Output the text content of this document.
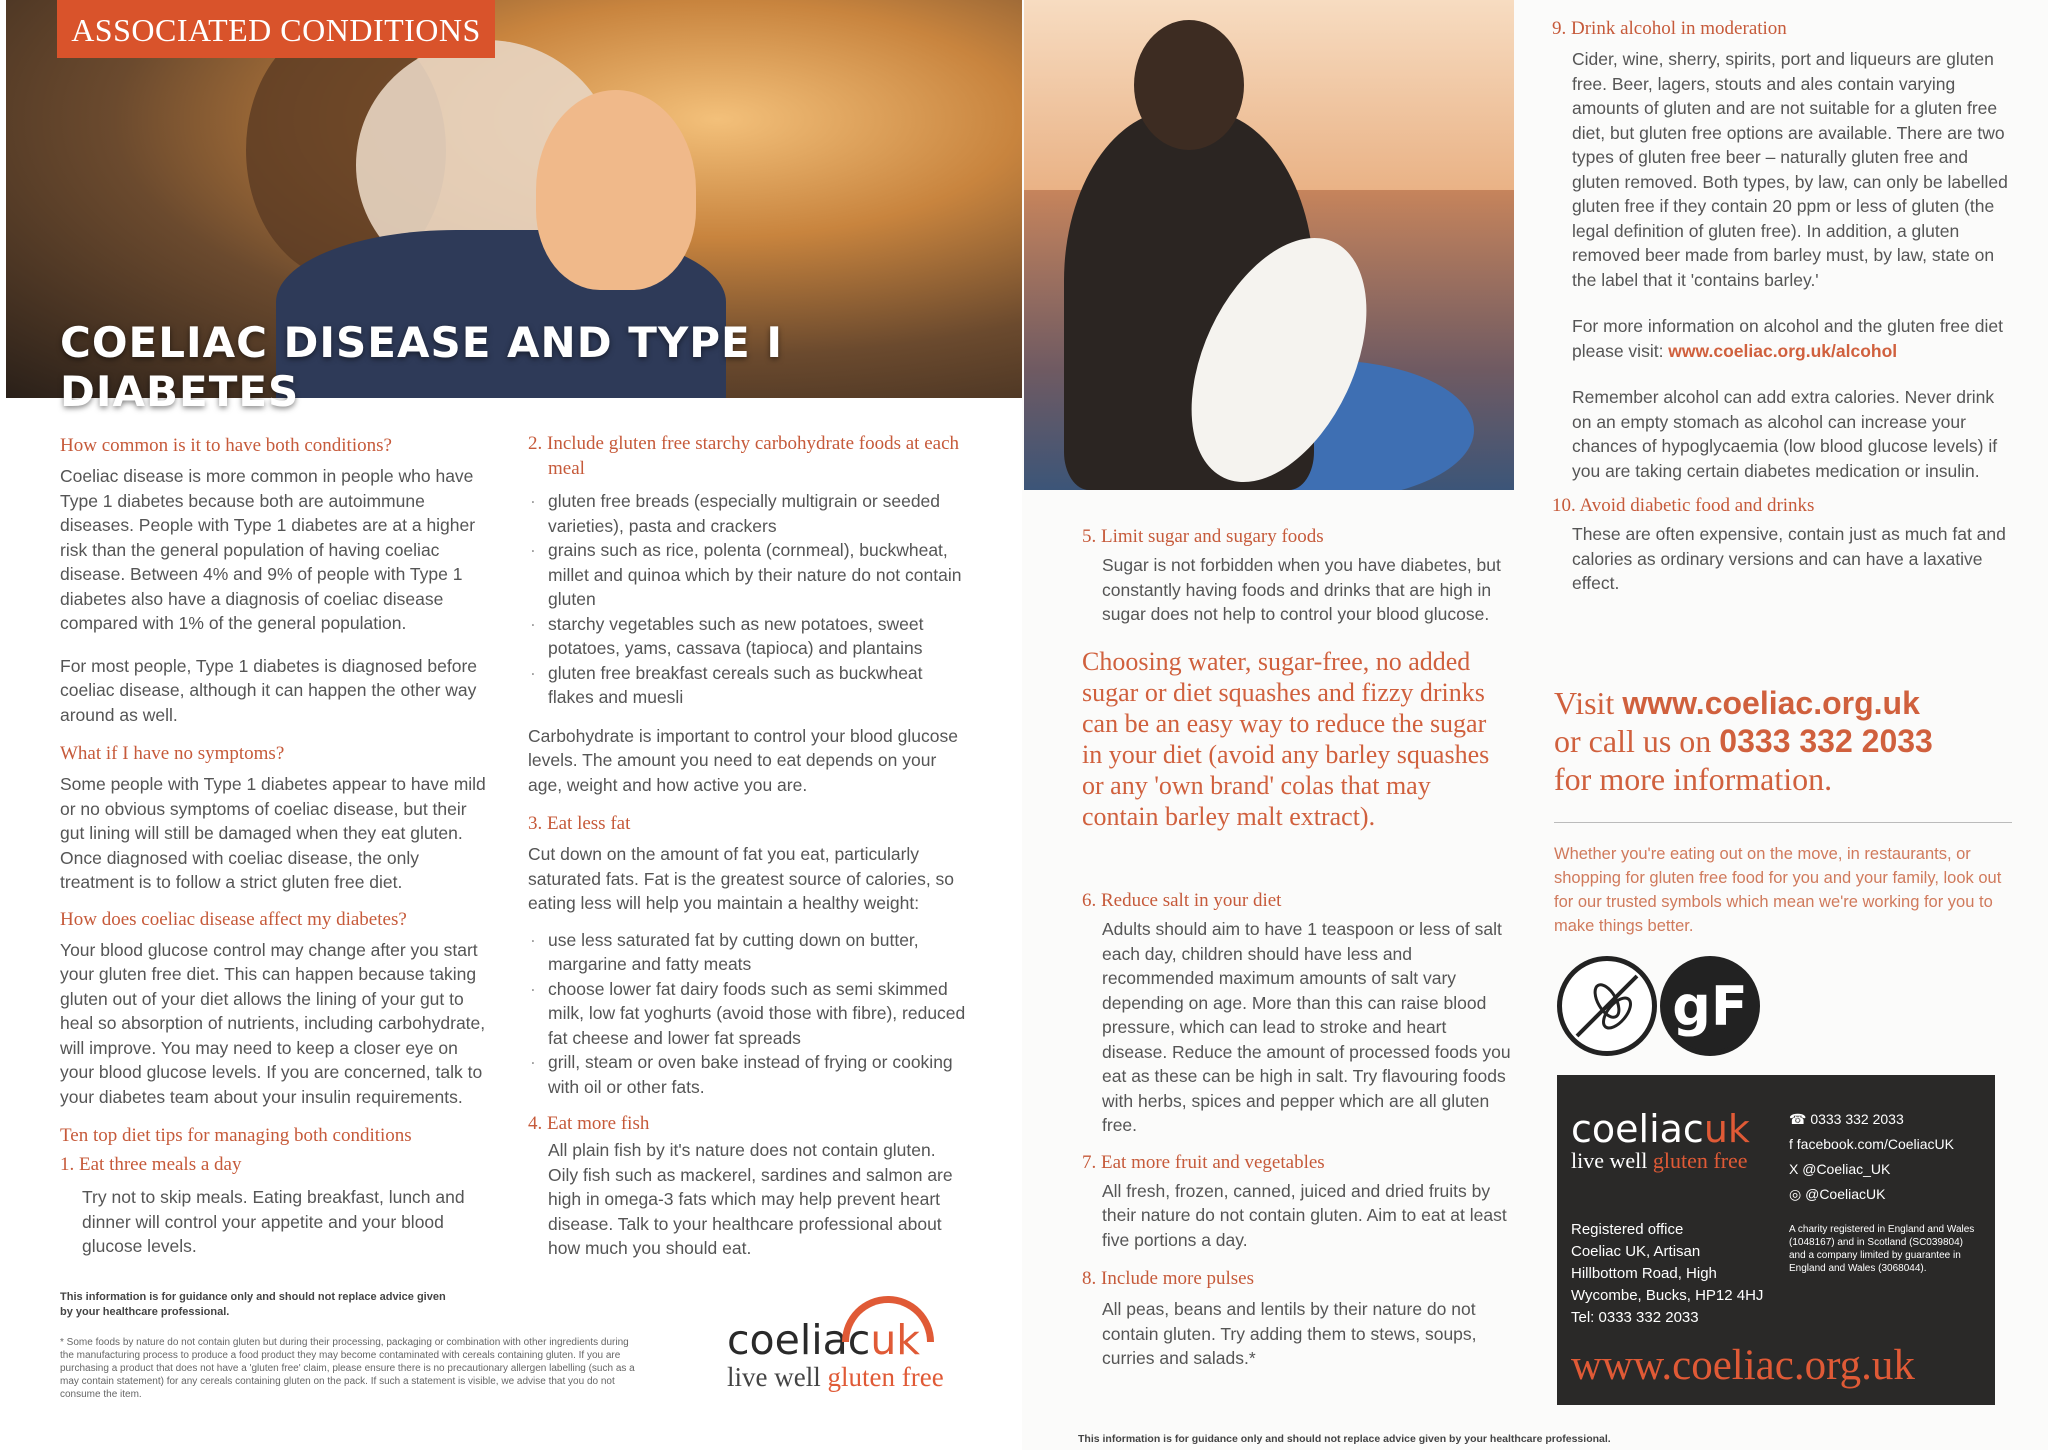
ASSOCIATED CONDITIONS
COELIAC DISEASE AND TYPE I DIABETES
How common is it to have both conditions?

Coeliac disease is more common in people who have Type 1 diabetes because both are autoimmune diseases. People with Type 1 diabetes are at a higher risk than the general population of having coeliac disease. Between 4% and 9% of people with Type 1 diabetes also have a diagnosis of coeliac disease compared with 1% of the general population.

For most people, Type 1 diabetes is diagnosed before coeliac disease, although it can happen the other way around as well.

What if I have no symptoms?

Some people with Type 1 diabetes appear to have mild or no obvious symptoms of coeliac disease, but their gut lining will still be damaged when they eat gluten. Once diagnosed with coeliac disease, the only treatment is to follow a strict gluten free diet.

How does coeliac disease affect my diabetes?

Your blood glucose control may change after you start your gluten free diet. This can happen because taking gluten out of your diet allows the lining of your gut to heal so absorption of nutrients, including carbohydrate, will improve. You may need to keep a closer eye on your blood glucose levels. If you are concerned, talk to your diabetes team about your insulin requirements.

Ten top diet tips for managing both conditions
1. Eat three meals a day

Try not to skip meals. Eating breakfast, lunch and dinner will control your appetite and your blood glucose levels.

2. Include gluten free starchy carbohydrate foods at each meal
· gluten free breads (especially multigrain or seeded varieties), pasta and crackers
· grains such as rice, polenta (cornmeal), buckwheat, millet and quinoa which by their nature do not contain gluten
· starchy vegetables such as new potatoes, sweet potatoes, yams, cassava (tapioca) and plantains
· gluten free breakfast cereals such as buckwheat flakes and muesli

Carbohydrate is important to control your blood glucose levels. The amount you need to eat depends on your age, weight and how active you are.

3. Eat less fat

Cut down on the amount of fat you eat, particularly saturated fats. Fat is the greatest source of calories, so eating less will help you maintain a healthy weight:

· use less saturated fat by cutting down on butter, margarine and fatty meats
· choose lower fat dairy foods such as semi skimmed milk, low fat yoghurts (avoid those with fibre), reduced fat cheese and lower fat spreads
· grill, steam or oven bake instead of frying or cooking with oil or other fats.
4. Eat more fish

All plain fish by it's nature does not contain gluten. Oily fish such as mackerel, sardines and salmon are high in omega-3 fats which may help prevent heart disease. Talk to your healthcare professional about how much you should eat.

This information is for guidance only and should not replace advice given by your healthcare professional.
* Some foods by nature do not contain gluten but during their processing, packaging or combination with other ingredients during the manufacturing process to produce a food product they may become contaminated with cereals containing gluten. If you are purchasing a product that does not have a 'gluten free' claim, please ensure there is no precautionary allergen labelling (such as a may contain statement) for any cereals containing gluten on the pack. If such a statement is visible, we advise that you do not consume the item.
coeliacuk
live well gluten free
5. Limit sugar and sugary foods

Sugar is not forbidden when you have diabetes, but constantly having foods and drinks that are high in sugar does not help to control your blood glucose.

Choosing water, sugar-free, no added sugar or diet squashes and fizzy drinks can be an easy way to reduce the sugar in your diet (avoid any barley squashes or any 'own brand' colas that may contain barley malt extract).
6. Reduce salt in your diet

Adults should aim to have 1 teaspoon or less of salt each day, children should have less and recommended maximum amounts of salt vary depending on age. More than this can raise blood pressure, which can lead to stroke and heart disease. Reduce the amount of processed foods you eat as these can be high in salt. Try flavouring foods with herbs, spices and pepper which are all gluten free.

7. Eat more fruit and vegetables

All fresh, frozen, canned, juiced and dried fruits by their nature do not contain gluten. Aim to eat at least five portions a day.

8. Include more pulses

All peas, beans and lentils by their nature do not contain gluten. Try adding them to stews, soups, curries and salads.*

9. Drink alcohol in moderation

Cider, wine, sherry, spirits, port and liqueurs are gluten free. Beer, lagers, stouts and ales contain varying amounts of gluten and are not suitable for a gluten free diet, but gluten free options are available. There are two types of gluten free beer – naturally gluten free and gluten removed. Both types, by law, can only be labelled gluten free if they contain 20 ppm or less of gluten (the legal definition of gluten free). In addition, a gluten removed beer made from barley must, by law, state on the label that it 'contains barley.'

For more information on alcohol and the gluten free diet please visit: www.coeliac.org.uk/alcohol

Remember alcohol can add extra calories. Never drink on an empty stomach as alcohol can increase your chances of hypoglycaemia (low blood glucose levels) if you are taking certain diabetes medication or insulin.

10. Avoid diabetic food and drinks

These are often expensive, contain just as much fat and calories as ordinary versions and can have a laxative effect.

Visit www.coeliac.org.uk
or call us on 0333 332 2033
for more information.
Whether you're eating out on the move, in restaurants, or shopping for gluten free food for you and your family, look out for our trusted symbols which mean we're working for you to make things better.
gF
coeliacuk
live well gluten free
☎ 0333 332 2033
f facebook.com/CoeliacUK
X @Coeliac_UK
◎ @CoeliacUK
Registered office
Coeliac UK, Artisan
Hillbottom Road, High
Wycombe, Bucks, HP12 4HJ
Tel: 0333 332 2033
A charity registered in England and Wales (1048167) and in Scotland (SC039804) and a company limited by guarantee in England and Wales (3068044).
www.coeliac.org.uk
This information is for guidance only and should not replace advice given by your healthcare professional.
